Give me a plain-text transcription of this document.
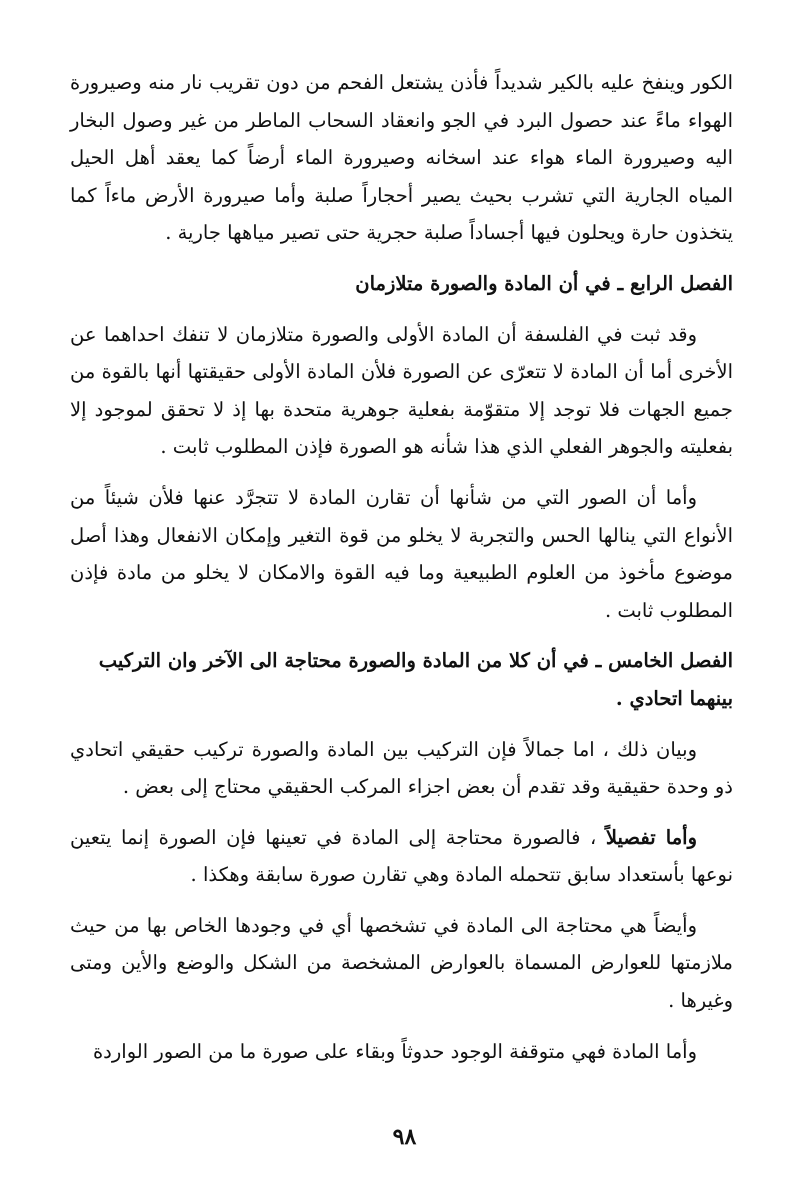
الكور وينفخ عليه بالكير شديداً فأذن يشتعل الفحم من دون تقريب نار منه وصيرورة الهواء ماءً عند حصول البرد في الجو وانعقاد السحاب الماطر من غير وصول البخار اليه وصيرورة الماء هواء عند اسخانه وصيرورة الماء أرضاً كما يعقد أهل الحيل المياه الجارية التي تشرب بحيث يصير أحجاراً صلبة وأما صيرورة الأرض ماءاً كما يتخذون حارة ويحلون فيها أجساداً صلبة حجرية حتى تصير مياهها جارية .

الفصل الرابع ـ في أن المادة والصورة متلازمان

وقد ثبت في الفلسفة أن المادة الأولى والصورة متلازمان لا تنفك احداهما عن الأخرى أما أن المادة لا تتعرّى عن الصورة فلأن المادة الأولى حقيقتها أنها بالقوة من جميع الجهات فلا توجد إلا متقوّمة بفعلية جوهرية متحدة بها إذ لا تحقق لموجود إلا بفعليته والجوهر الفعلي الذي هذا شأنه هو الصورة فإذن المطلوب ثابت .

وأما أن الصور التي من شأنها أن تقارن المادة لا تتجرَّد عنها فلأن شيئاً من الأنواع التي ينالها الحس والتجربة لا يخلو من قوة التغير وإمكان الانفعال وهذا أصل موضوع مأخوذ من العلوم الطبيعية وما فيه القوة والامكان لا يخلو من مادة فإذن المطلوب ثابت .

الفصل الخامس ـ في أن كلا من المادة والصورة محتاجة الى الآخر وان التركيب بينهما اتحادي .

وبيان ذلك ، اما جمالاً فإن التركيب بين المادة والصورة تركيب حقيقي اتحادي ذو وحدة حقيقية وقد تقدم أن بعض اجزاء المركب الحقيقي محتاج إلى بعض .

وأما تفصيلاً ، فالصورة محتاجة إلى المادة في تعينها فإن الصورة إنما يتعين نوعها بأستعداد سابق تتحمله المادة وهي تقارن صورة سابقة وهكذا .

وأيضاً هي محتاجة الى المادة في تشخصها أي في وجودها الخاص بها من حيث ملازمتها للعوارض المسماة بالعوارض المشخصة من الشكل والوضع والأين ومتى وغيرها .

وأما المادة فهي متوقفة الوجود حدوثاً وبقاء على صورة ما من الصور الواردة

٩٨
